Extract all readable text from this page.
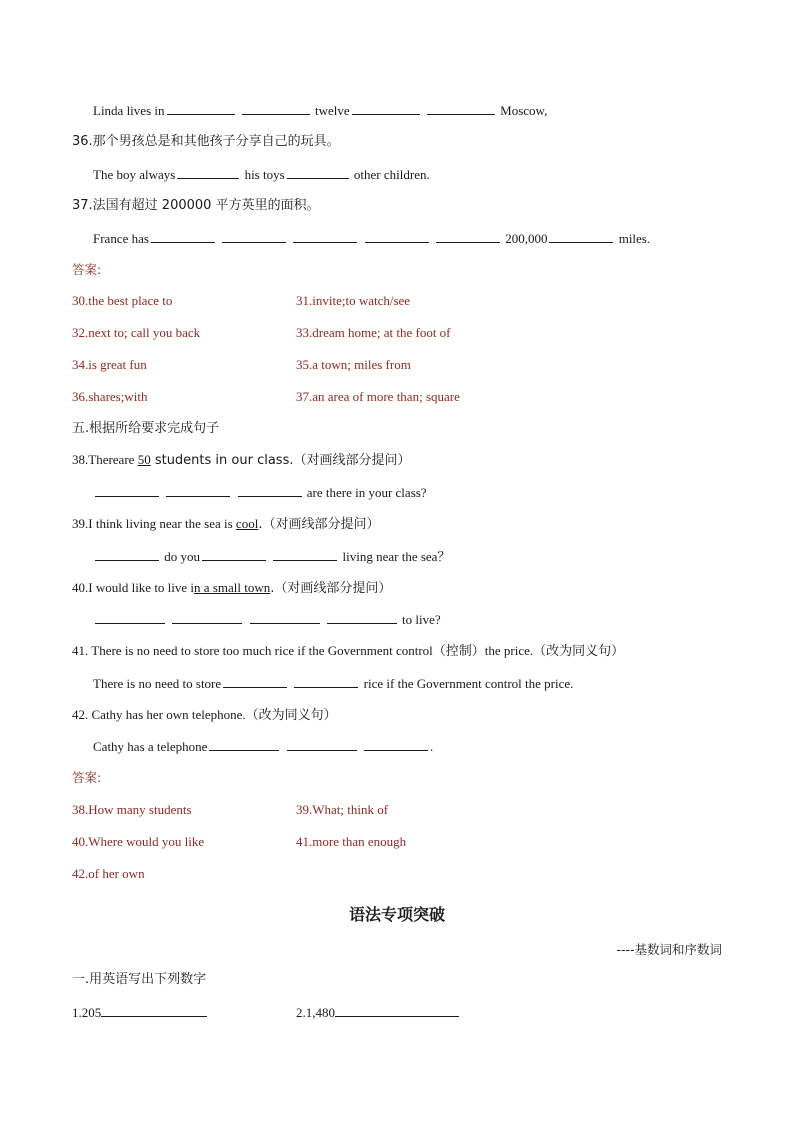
Linda lives in	twelve	Moscow,
36.那个男孩总是和其他孩子分享自己的玩具。
The boy always	his toys	other children.
37.法国有超过 200000 平方英里的面积。
France has	200,000	miles.
答案:
30.the best place to	31.invite;to watch/see
32.next to; call you back	33.dream home; at the foot of
34.is great fun	35.a town; miles from
36.shares;with	37.an area of more than; square
五.根据所给要求完成句子
38.Thereare 50 students in our class.（对画线部分提问）
are there in your class?
39.I think living near the sea is cool.（对画线部分提问）
do you	living near the sea？
40.I would like to live in a small town.（对画线部分提问）
to live?
41. There is no need to store too much rice if the Government control（控制）the price.（改为同义句）
There is no need to store	rice if the Government control the price.
42. Cathy has her own telephone.（改为同义句）
Cathy has a telephone	.
答案:
38.How many students	39.What; think of
40.Where would you like	41.more than enough
42.of her own
语法专项突破
----基数词和序数词
一.用英语写出下列数字
1.205	2.1,480
